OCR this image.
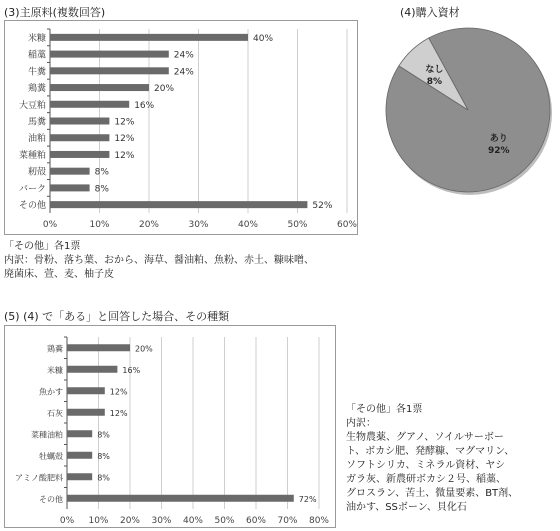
(3)主原料(複数回答)
0%	10%	20%	30%	40%	50%	60%
米糠	40%
稲藁	24%
牛糞	24%
鶏糞	20%
大豆粕	16%
馬糞	12%
油粕	12%
菜種粕	12%
籾殻	8%
バーク	8%
その他	52%
「その他」各1票
内訳：骨粉、落ち葉、おから、海草、醤油粕、魚粉、赤土、糠味噌、
廃菌床、萱、麦、柚子皮
(4)購入資材
あり
92%
なし
8%
(5) (4) で「ある」と回答した場合、その種類
0% 10% 20% 30% 40% 50% 60% 70% 80%
鶏糞	20%
米糠	16%
魚かす	12%
石灰	12%
菜種油粕	8%
牡蠣殻	8%
アミノ酸肥料	8%
その他	72%
「その他」各1票
内訳：
生物農薬、グアノ、ソイルサーボー
ト、ボカシ肥、発酵糠、マグマリン、
ソフトシリカ、ミネラル資材、ヤシ
ガラ灰、新農研ボカシ２号、稲藁、
グロスラン、苦土、微量要素、BT剤、
油かす、SSボーン、貝化石
